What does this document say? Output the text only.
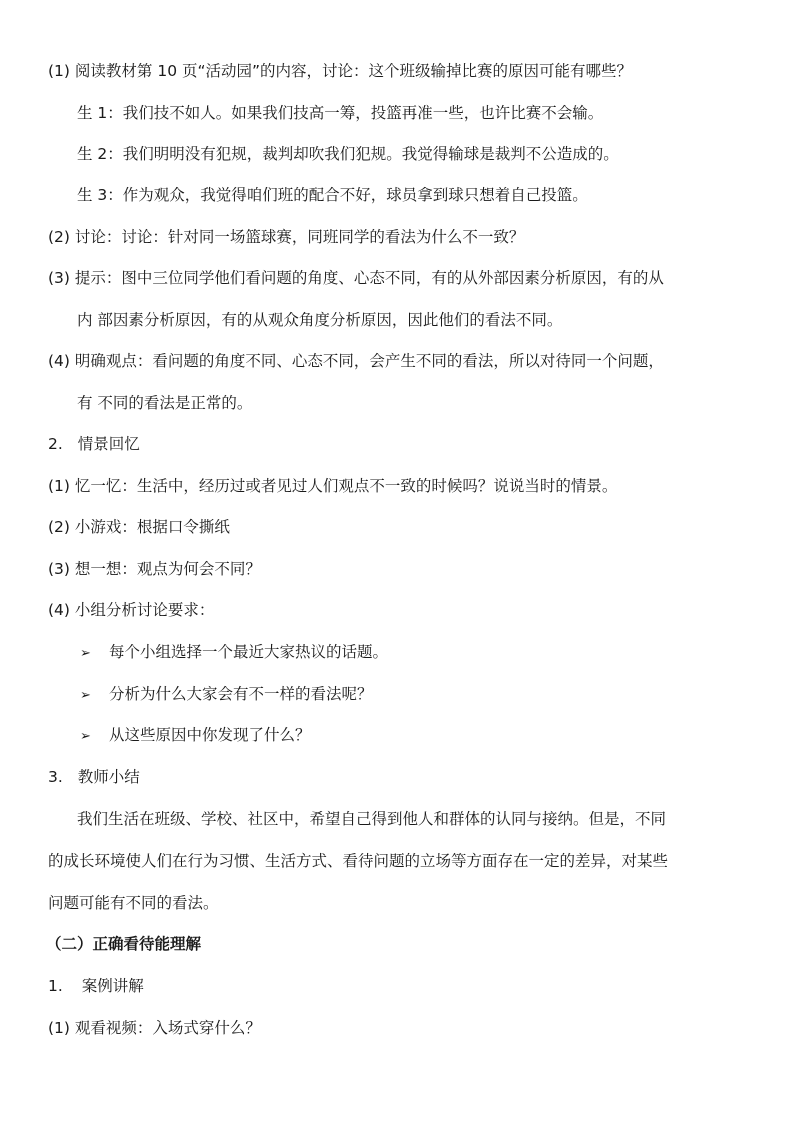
(1) 阅读教材第 10 页“活动园”的内容，讨论：这个班级输掉比赛的原因可能有哪些？
生 1：我们技不如人。如果我们技高一筹，投篮再准一些，也许比赛不会输。
生 2：我们明明没有犯规，裁判却吹我们犯规。我觉得输球是裁判不公造成的。
生 3：作为观众，我觉得咱们班的配合不好，球员拿到球只想着自己投篮。
(2) 讨论：讨论：针对同一场篮球赛，同班同学的看法为什么不一致？
(3) 提示：图中三位同学他们看问题的角度、心态不同，有的从外部因素分析原因，有的从
内 部因素分析原因，有的从观众角度分析原因，因此他们的看法不同。
(4) 明确观点：看问题的角度不同、心态不同，会产生不同的看法，所以对待同一个问题，
有 不同的看法是正常的。
2. 情景回忆
(1) 忆一忆：生活中，经历过或者见过人们观点不一致的时候吗？说说当时的情景。
(2) 小游戏：根据口令撕纸
(3) 想一想：观点为何会不同？
(4) 小组分析讨论要求：
➢ 每个小组选择一个最近大家热议的话题。
➢ 分析为什么大家会有不一样的看法呢？
➢ 从这些原因中你发现了什么？
3. 教师小结
我们生活在班级、学校、社区中，希望自己得到他人和群体的认同与接纳。但是，不同
的成长环境使人们在行为习惯、生活方式、看待问题的立场等方面存在一定的差异，对某些
问题可能有不同的看法。
（二）正确看待能理解
1. 案例讲解
(1) 观看视频：入场式穿什么？
